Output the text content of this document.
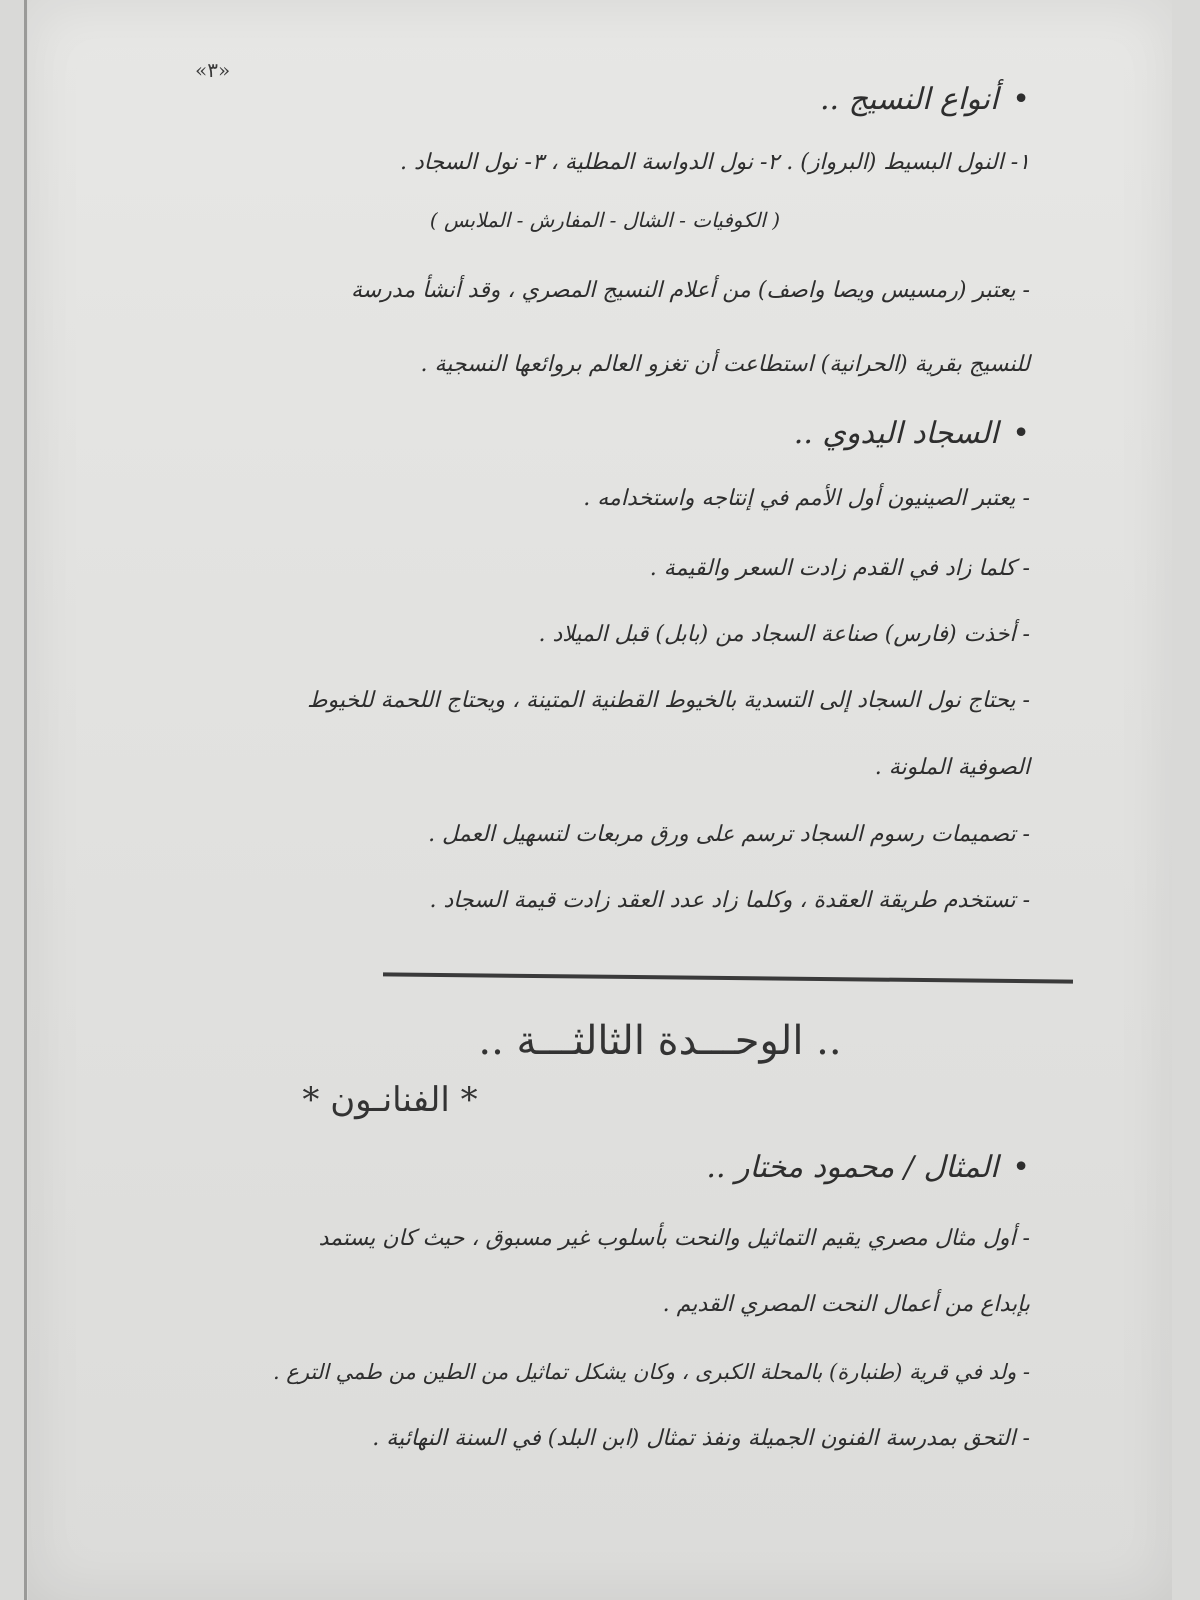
«٣»
• أنواع النسيج ..
١- النول البسيط (البرواز) . ٢- نول الدواسة المطلية ، ٣- نول السجاد .
( الكوفيات - الشال - المفارش - الملابس )
- يعتبر (رمسيس ويصا واصف) من أعلام النسيج المصري ، وقد أنشأ مدرسة
للنسيج بقرية (الحرانية) استطاعت أن تغزو العالم بروائعها النسجية .
• السجاد اليدوي ..
- يعتبر الصينيون أول الأمم في إنتاجه واستخدامه .
- كلما زاد في القدم زادت السعر والقيمة .
- أخذت (فارس) صناعة السجاد من (بابل) قبل الميلاد .
- يحتاج نول السجاد إلى التسدية بالخيوط القطنية المتينة ، ويحتاج اللحمة للخيوط
الصوفية الملونة .
- تصميمات رسوم السجاد ترسم على ورق مربعات لتسهيل العمل .
- تستخدم طريقة العقدة ، وكلما زاد عدد العقد زادت قيمة السجاد .
.. الوحـــدة الثالثـــة ..
* الفنانـون *
• المثال / محمود مختار ..
- أول مثال مصري يقيم التماثيل والنحت بأسلوب غير مسبوق ، حيث كان يستمد
بإبداع من أعمال النحت المصري القديم .
- ولد في قرية (طنبارة) بالمحلة الكبرى ، وكان يشكل تماثيل من الطين من طمي الترع .
- التحق بمدرسة الفنون الجميلة ونفذ تمثال (ابن البلد) في السنة النهائية .
